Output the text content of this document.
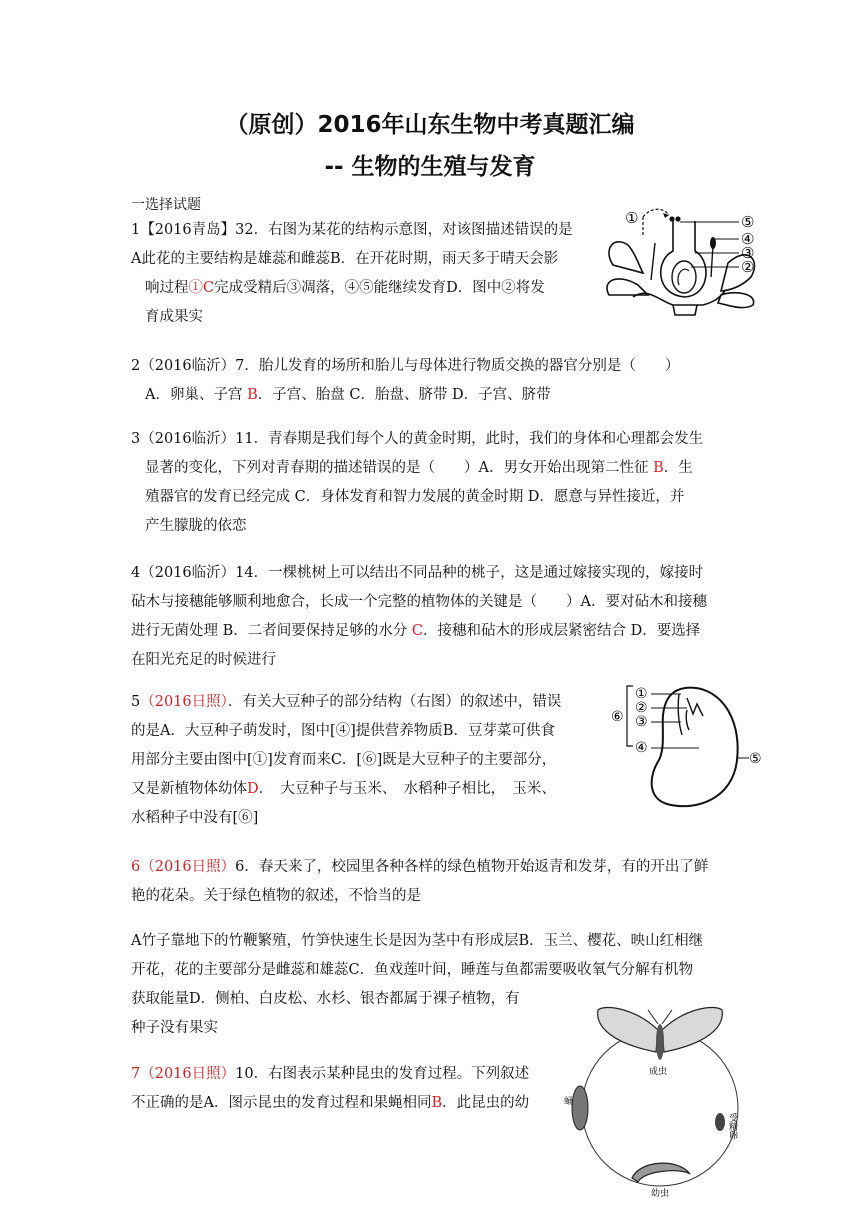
（原创）2016年山东生物中考真题汇编
-- 生物的生殖与发育
一选择试题
1【2016青岛】32．右图为某花的结构示意图，对该图描述错误的是
A此花的主要结构是雄蕊和雌蕊B．在开花时期，雨天多于晴天会影
响过程①C完成受精后③凋落，④⑤能继续发育D．图中②将发
育成果实
①	⑤
④
③
②
2（2016临沂）7．胎儿发育的场所和胎儿与母体进行物质交换的器官分别是（　　）
A．卵巢、子宫 B．子宫、胎盘 C．胎盘、脐带 D．子宫、脐带
3（2016临沂）11．青春期是我们每个人的黄金时期，此时，我们的身体和心理都会发生
显著的变化，下列对青春期的描述错误的是（　　）A．男女开始出现第二性征 B．生
殖器官的发育已经完成 C．身体发育和智力发展的黄金时期 D．愿意与异性接近，并
产生朦胧的依恋
4（2016临沂）14．一棵桃树上可以结出不同品种的桃子，这是通过嫁接实现的，嫁接时
砧木与接穗能够顺利地愈合，长成一个完整的植物体的关键是（　　）A．要对砧木和接穗
进行无菌处理 B．二者间要保持足够的水分 C．接穗和砧木的形成层紧密结合 D．要选择
在阳光充足的时候进行
5（2016日照）．有关大豆种子的部分结构（右图）的叙述中，错误
的是A．大豆种子萌发时，图中[④]提供营养物质B．豆芽菜可供食
用部分主要由图中[①]发育而来C．[⑥]既是大豆种子的主要部分，
又是新植物体幼体D．　大豆种子与玉米、　水稻种子相比，　玉米、
水稻种子中没有[⑥]
⑥
①
②
③
④
⑤
6（2016日照）6．春天来了，校园里各种各样的绿色植物开始返青和发芽，有的开出了鲜
艳的花朵。关于绿色植物的叙述，不恰当的是
A竹子靠地下的竹鞭繁殖，竹笋快速生长是因为茎中有形成层B．玉兰、樱花、映山红相继
开花，花的主要部分是雌蕊和雄蕊C．鱼戏莲叶间，睡莲与鱼都需要吸收氧气分解有机物
获取能量D．侧柏、白皮松、水杉、银杏都属于裸子植物，有
种子没有果实
7（2016日照）10．右图表示某种昆虫的发育过程。下列叙述
不正确的是A．图示昆虫的发育过程和果蝇相同B．此昆虫的幼
成虫
受精卵
幼虫
蛹
